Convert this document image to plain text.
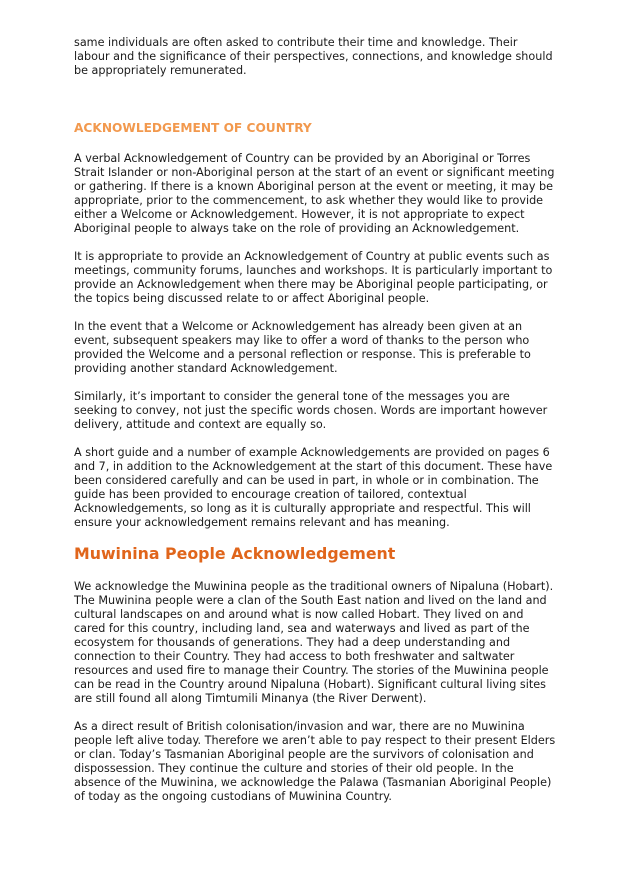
same individuals are often asked to contribute their time and knowledge. Their labour and the significance of their perspectives, connections, and knowledge should be appropriately remunerated.

ACKNOWLEDGEMENT OF COUNTRY

A verbal Acknowledgement of Country can be provided by an Aboriginal or Torres Strait Islander or non-Aboriginal person at the start of an event or significant meeting or gathering. If there is a known Aboriginal person at the event or meeting, it may be appropriate, prior to the commencement, to ask whether they would like to provide either a Welcome or Acknowledgement. However, it is not appropriate to expect Aboriginal people to always take on the role of providing an Acknowledgement.

It is appropriate to provide an Acknowledgement of Country at public events such as meetings, community forums, launches and workshops. It is particularly important to provide an Acknowledgement when there may be Aboriginal people participating, or the topics being discussed relate to or affect Aboriginal people.

In the event that a Welcome or Acknowledgement has already been given at an event, subsequent speakers may like to offer a word of thanks to the person who provided the Welcome and a personal reflection or response. This is preferable to providing another standard Acknowledgement.

Similarly, it’s important to consider the general tone of the messages you are seeking to convey, not just the specific words chosen. Words are important however delivery, attitude and context are equally so.

A short guide and a number of example Acknowledgements are provided on pages 6 and 7, in addition to the Acknowledgement at the start of this document. These have been considered carefully and can be used in part, in whole or in combination. The guide has been provided to encourage creation of tailored, contextual Acknowledgements, so long as it is culturally appropriate and respectful. This will ensure your acknowledgement remains relevant and has meaning.

Muwinina People Acknowledgement

We acknowledge the Muwinina people as the traditional owners of Nipaluna (Hobart). The Muwinina people were a clan of the South East nation and lived on the land and cultural landscapes on and around what is now called Hobart. They lived on and cared for this country, including land, sea and waterways and lived as part of the ecosystem for thousands of generations. They had a deep understanding and connection to their Country. They had access to both freshwater and saltwater resources and used fire to manage their Country. The stories of the Muwinina people can be read in the Country around Nipaluna (Hobart). Significant cultural living sites are still found all along Timtumili Minanya (the River Derwent).

As a direct result of British colonisation/invasion and war, there are no Muwinina people left alive today. Therefore we aren’t able to pay respect to their present Elders or clan. Today’s Tasmanian Aboriginal people are the survivors of colonisation and dispossession. They continue the culture and stories of their old people. In the absence of the Muwinina, we acknowledge the Palawa (Tasmanian Aboriginal People) of today as the ongoing custodians of Muwinina Country.
